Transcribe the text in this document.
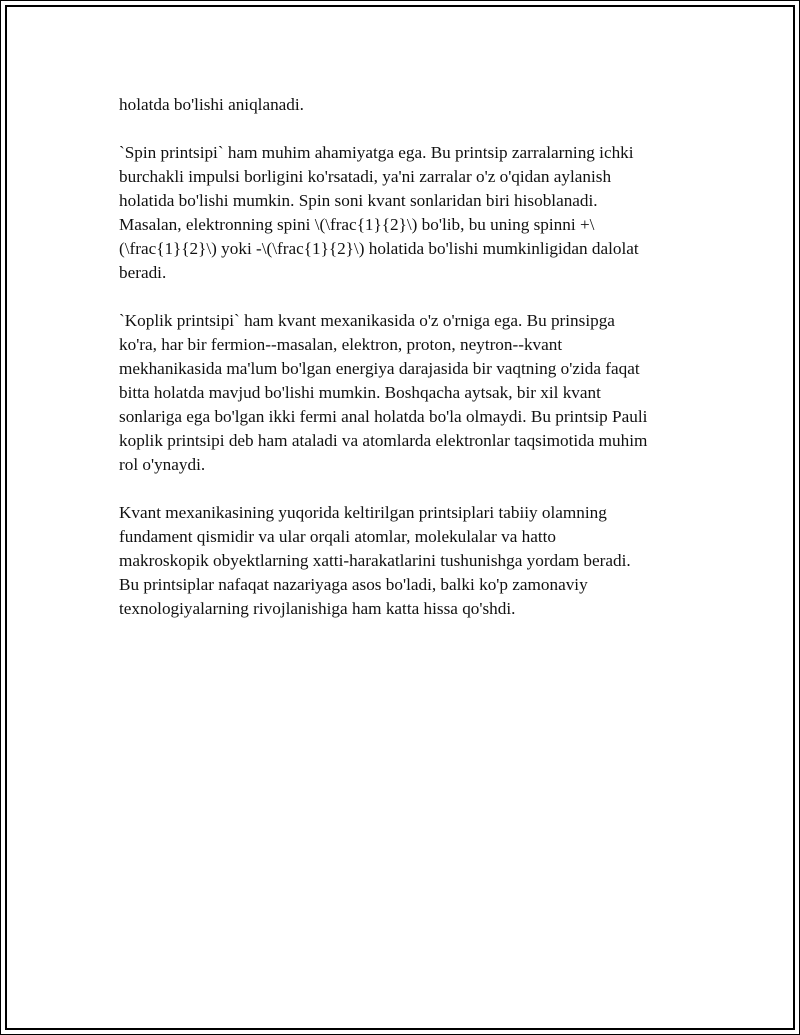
holatda bo'lishi aniqlanadi.

`Spin printsipi` ham muhim ahamiyatga ega. Bu printsip zarralarning ichki
burchakli impulsi borligini ko'rsatadi, ya'ni zarralar o'z o'qidan aylanish
holatida bo'lishi mumkin. Spin soni kvant sonlaridan biri hisoblanadi.
Masalan, elektronning spini \(\frac{1}{2}\) bo'lib, bu uning spinni +\
(\frac{1}{2}\) yoki -\(\frac{1}{2}\) holatida bo'lishi mumkinligidan dalolat
beradi.

`Koplik printsipi` ham kvant mexanikasida o'z o'rniga ega. Bu prinsipga
ko'ra, har bir fermion--masalan, elektron, proton, neytron--kvant
mekhanikasida ma'lum bo'lgan energiya darajasida bir vaqtning o'zida faqat
bitta holatda mavjud bo'lishi mumkin. Boshqacha aytsak, bir xil kvant
sonlariga ega bo'lgan ikki fermi anal holatda bo'la olmaydi. Bu printsip Pauli
koplik printsipi deb ham ataladi va atomlarda elektronlar taqsimotida muhim
rol o'ynaydi.

Kvant mexanikasining yuqorida keltirilgan printsiplari tabiiy olamning
fundament qismidir va ular orqali atomlar, molekulalar va hatto
makroskopik obyektlarning xatti-harakatlarini tushunishga yordam beradi.
Bu printsiplar nafaqat nazariyaga asos bo'ladi, balki ko'p zamonaviy
texnologiyalarning rivojlanishiga ham katta hissa qo'shdi.
